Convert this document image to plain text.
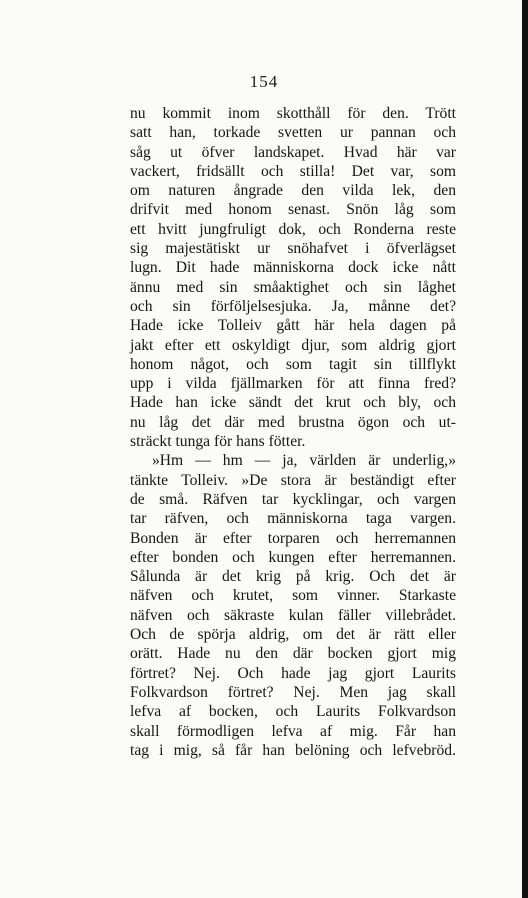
154
nu kommit inom skotthåll för den. Trött
satt han, torkade svetten ur pannan och
såg ut öfver landskapet. Hvad här var
vackert, fridsällt och stilla! Det var, som
om naturen ångrade den vilda lek, den
drifvit med honom senast. Snön låg som
ett hvitt jungfruligt dok, och Ronderna reste
sig majestätiskt ur snöhafvet i öfverlägset
lugn. Dit hade människorna dock icke nått
ännu med sin småaktighet och sin låghet
och sin förföljelsesjuka. Ja, månne det?
Hade icke Tolleiv gått här hela dagen på
jakt efter ett oskyldigt djur, som aldrig gjort
honom något, och som tagit sin tillflykt
upp i vilda fjällmarken för att finna fred?
Hade han icke sändt det krut och bly, och
nu låg det där med brustna ögon och ut-
sträckt tunga för hans fötter.
»Hm — hm — ja, världen är underlig,»
tänkte Tolleiv. »De stora är beständigt efter
de små. Räfven tar kycklingar, och vargen
tar räfven, och människorna taga vargen.
Bonden är efter torparen och herremannen
efter bonden och kungen efter herremannen.
Sålunda är det krig på krig. Och det är
näfven och krutet, som vinner. Starkaste
näfven och säkraste kulan fäller villebrådet.
Och de spörja aldrig, om det är rätt eller
orätt. Hade nu den där bocken gjort mig
förtret? Nej. Och hade jag gjort Laurits
Folkvardson förtret? Nej. Men jag skall
lefva af bocken, och Laurits Folkvardson
skall förmodligen lefva af mig. Får han
tag i mig, så får han belöning och lefvebröd.
